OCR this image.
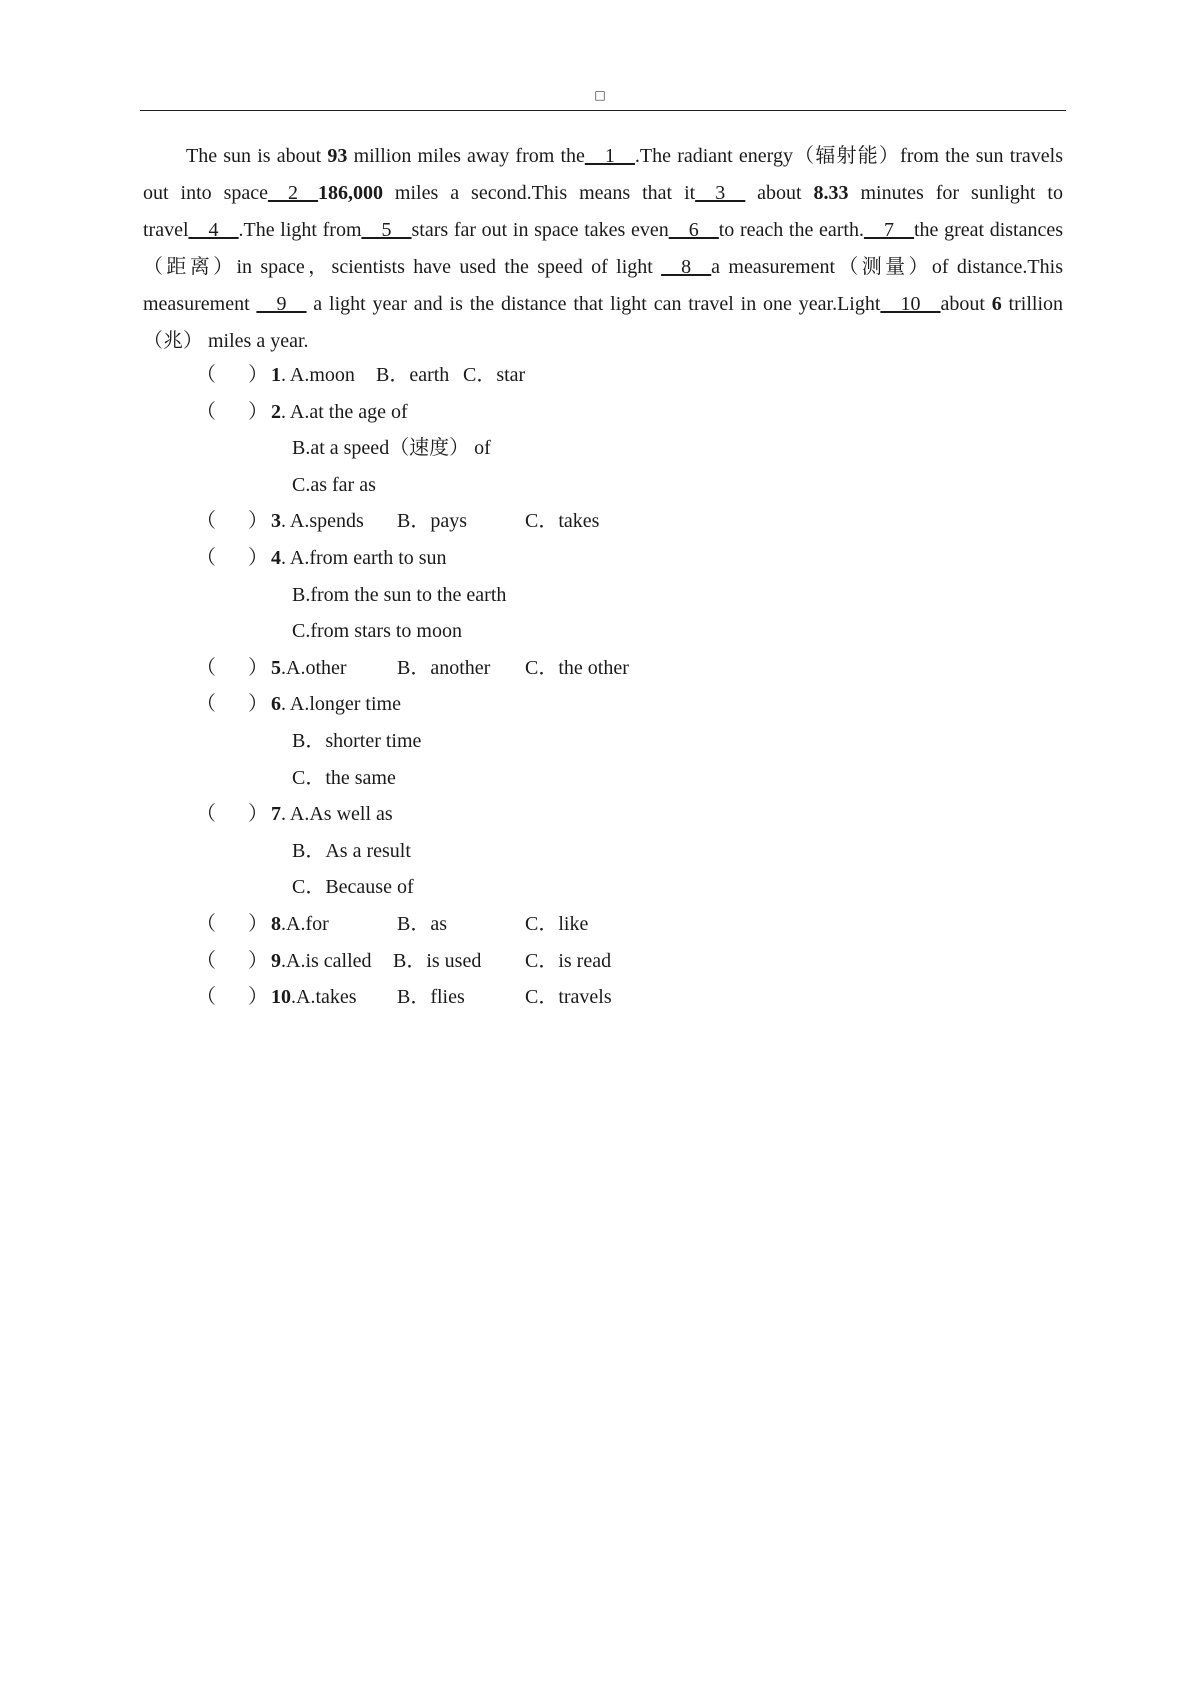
□

The sun is about 93 million miles away from the__1__.The radiant energy（辐射能）from the sun travels out into space__2__186,000 miles a second.This means that it__3__ about 8.33 minutes for sunlight to travel__4__.The light from__5__stars far out in space takes even__6__to reach the earth.__7__the great distances（距离）in space，scientists have used the speed of light __8__a measurement（测量）of distance.This measurement __9__ a light year and is the distance that light can travel in one year.Light__10__about 6 trillion（兆） miles a year.

（ ） 1. A.moon B．earth C．star
（ ） 2. A.at the age of
B.at a speed（速度） of
C.as far as
（ ） 3. A.spends B．pays	C．takes
（ ） 4. A.from earth to sun
B.from the sun to the earth
C.from stars to moon
（ ） 5.A.other	B．another C．the other
（ ） 6. A.longer time
B．shorter time
C．the same
（ ） 7. A.As well as
B．As a result
C．Because of
（ ） 8.A.for	B．as	C．like
（ ） 9.A.is called B．is used C．is read
（ ） 10.A.takes B．flies	C．travels
